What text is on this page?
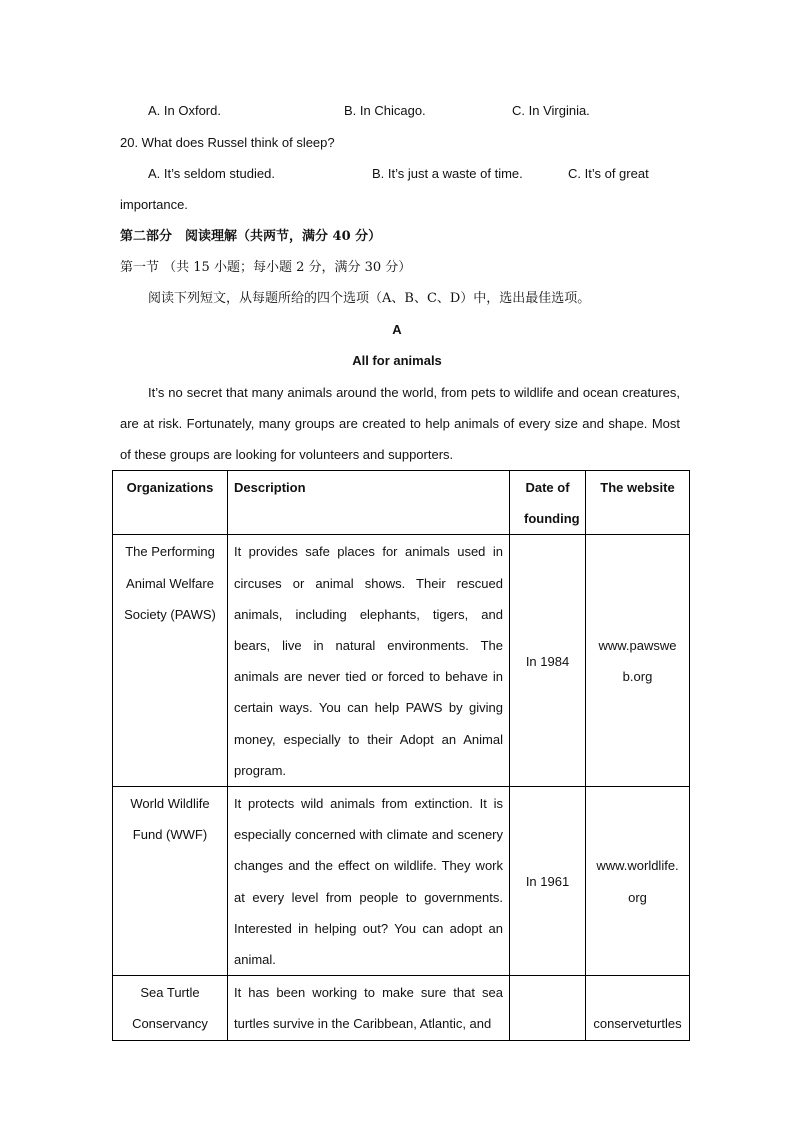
A. In Oxford.	B. In Chicago.	C. In Virginia.
20. What does Russel think of sleep?
A. It’s seldom studied.	B. It’s just a waste of time.	C. It’s of great
importance.
第二部分　阅读理解（共两节，满分 40 分）
第一节 （共 15 小题；每小题 2 分，满分 30 分）
阅读下列短文，从每题所给的四个选项（A、B、C、D）中，选出最佳选项。
A
All for animals
It’s no secret that many animals around the world, from pets to wildlife and ocean creatures, are at risk. Fortunately, many groups are created to help animals of every size and shape. Most of these groups are looking for volunteers and supporters.
Organizations	Description	Date of founding	The website
The Performing Animal Welfare Society (PAWS)	It provides safe places for animals used in circuses or animal shows. Their rescued animals, including elephants, tigers, and bears, live in natural environments. The animals are never tied or forced to behave in certain ways. You can help PAWS by giving money, especially to their Adopt an Animal program.	In 1984	www.pawsweb.org
World Wildlife Fund (WWF)	It protects wild animals from extinction. It is especially concerned with climate and scenery changes and the effect on wildlife. They work at every level from people to governments. Interested in helping out? You can adopt an animal.	In 1961	www.worldlife.org
Sea Turtle Conservancy	It has been working to make sure that sea turtles survive in the Caribbean, Atlantic, and		conserveturtles
